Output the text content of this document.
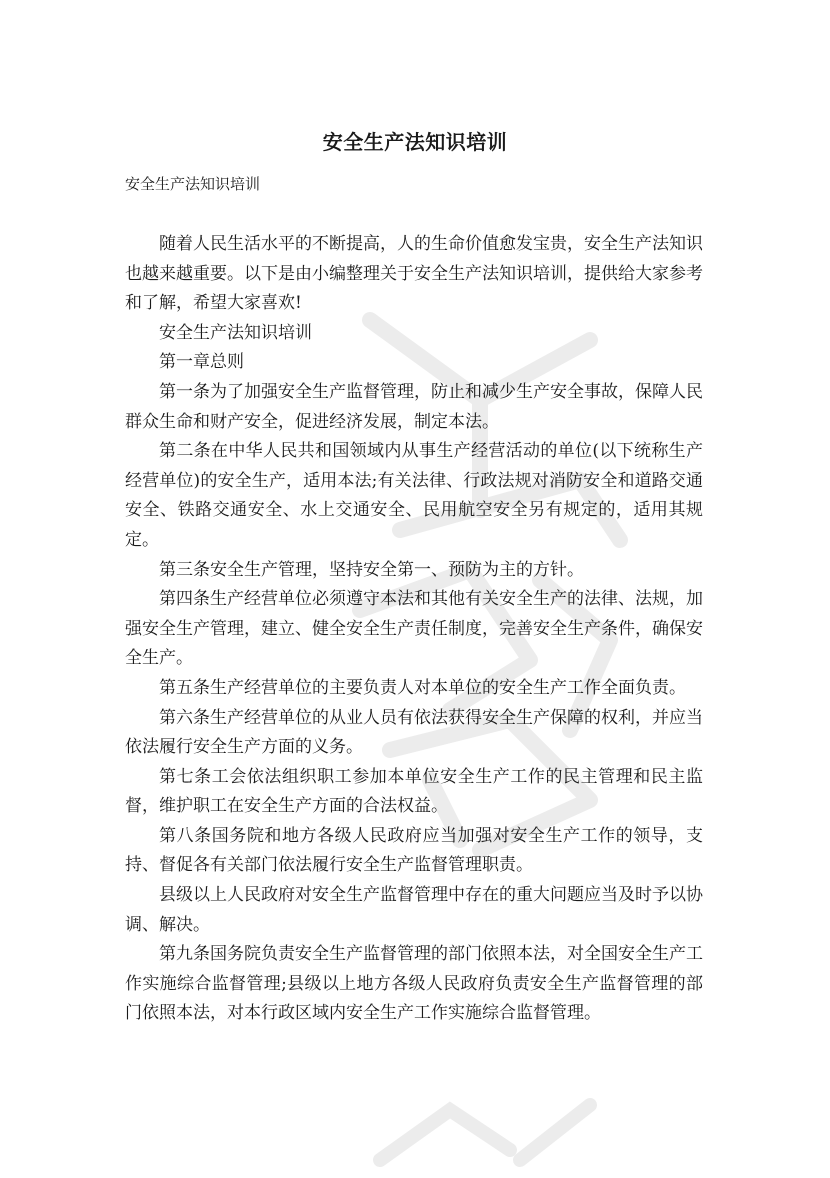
安全生产法知识培训

安全生产法知识培训

随着人民生活水平的不断提高，人的生命价值愈发宝贵，安全生产法知识也越来越重要。以下是由小编整理关于安全生产法知识培训，提供给大家参考和了解，希望大家喜欢!

安全生产法知识培训

第一章总则

第一条为了加强安全生产监督管理，防止和减少生产安全事故，保障人民群众生命和财产安全，促进经济发展，制定本法。

第二条在中华人民共和国领域内从事生产经营活动的单位(以下统称生产经营单位)的安全生产，适用本法;有关法律、行政法规对消防安全和道路交通安全、铁路交通安全、水上交通安全、民用航空安全另有规定的，适用其规定。

第三条安全生产管理，坚持安全第一、预防为主的方针。

第四条生产经营单位必须遵守本法和其他有关安全生产的法律、法规，加强安全生产管理，建立、健全安全生产责任制度，完善安全生产条件，确保安全生产。

第五条生产经营单位的主要负责人对本单位的安全生产工作全面负责。

第六条生产经营单位的从业人员有依法获得安全生产保障的权利，并应当依法履行安全生产方面的义务。

第七条工会依法组织职工参加本单位安全生产工作的民主管理和民主监督，维护职工在安全生产方面的合法权益。

第八条国务院和地方各级人民政府应当加强对安全生产工作的领导，支持、督促各有关部门依法履行安全生产监督管理职责。

县级以上人民政府对安全生产监督管理中存在的重大问题应当及时予以协调、解决。

第九条国务院负责安全生产监督管理的部门依照本法，对全国安全生产工作实施综合监督管理;县级以上地方各级人民政府负责安全生产监督管理的部门依照本法，对本行政区域内安全生产工作实施综合监督管理。
